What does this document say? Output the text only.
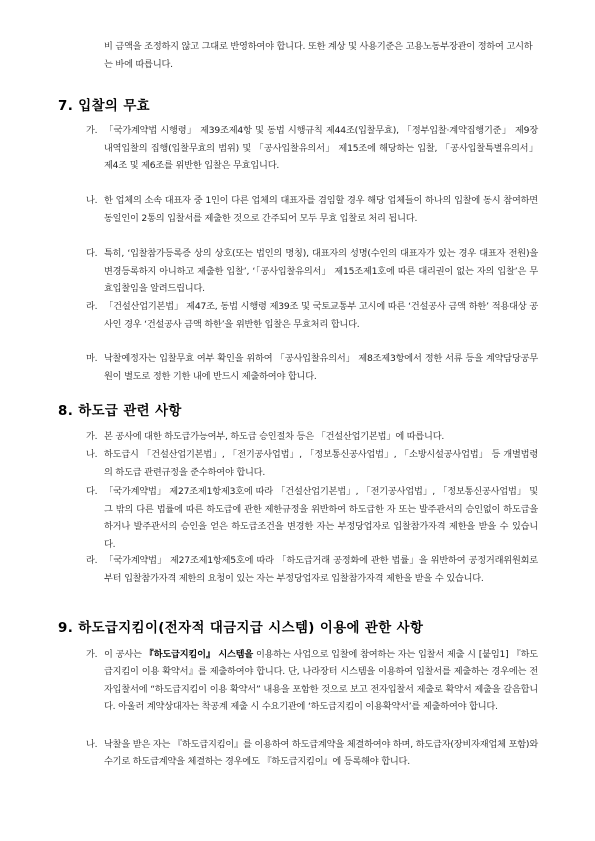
비 금액을 조정하지 않고 그대로 반영하여야 합니다. 또한 계상 및 사용기준은 고용노동부장관이 정하여 고시하는 바에 따릅니다.
7. 입찰의 무효
가. 「국가계약법 시행령」 제39조제4항 및 동법 시행규칙 제44조(입찰무효), 「정부입찰·계약집행기준」 제9장 내역입찰의 집행(입찰무효의 범위) 및 「공사입찰유의서」 제15조에 해당하는 입찰, 「공사입찰특별유의서」 제4조 및 제6조를 위반한 입찰은 무효입니다.
나. 한 업체의 소속 대표자 중 1인이 다른 업체의 대표자를 겸임할 경우 해당 업체들이 하나의 입찰에 동시 참여하면 동일인이 2통의 입찰서를 제출한 것으로 간주되어 모두 무효 입찰로 처리 됩니다.
다. 특히, ‘입찰참가등록증 상의 상호(또는 법인의 명칭), 대표자의 성명(수인의 대표자가 있는 경우 대표자 전원)을 변경등록하지 아니하고 제출한 입찰’, ‘「공사입찰유의서」 제15조제1호에 따른 대리권이 없는 자의 입찰’은 무효입찰임을 알려드립니다.
라. 「건설산업기본법」 제47조, 동법 시행령 제39조 및 국토교통부 고시에 따른 ‘건설공사 금액 하한’ 적용대상 공사인 경우 ‘건설공사 금액 하한’을 위반한 입찰은 무효처리 합니다.
마. 낙찰예정자는 입찰무효 여부 확인을 위하여 「공사입찰유의서」 제8조제3항에서 정한 서류 등을 계약담당공무원이 별도로 정한 기한 내에 반드시 제출하여야 합니다.
8. 하도급 관련 사항
가. 본 공사에 대한 하도급가능여부, 하도급 승인절차 등은 「건설산업기본법」에 따릅니다.
나. 하도급시 「건설산업기본법」, 「전기공사업법」, 「정보통신공사업법」, 「소방시설공사업법」 등 개별법령의 하도급 관련규정을 준수하여야 합니다.
다. 「국가계약법」 제27조제1항제3호에 따라 「건설산업기본법」, 「전기공사업법」, 「정보통신공사업법」 및 그 밖의 다른 법률에 따른 하도급에 관한 제한규정을 위반하여 하도급한 자 또는 발주관서의 승인없이 하도급을 하거나 발주관서의 승인을 얻은 하도급조건을 변경한 자는 부정당업자로 입찰참가자격 제한을 받을 수 있습니다.
라. 「국가계약법」 제27조제1항제5호에 따라 「하도급거래 공정화에 관한 법률」을 위반하여 공정거래위원회로부터 입찰참가자격 제한의 요청이 있는 자는 부정당업자로 입찰참가자격 제한을 받을 수 있습니다.
9. 하도급지킴이(전자적 대금지급 시스템) 이용에 관한 사항
가. 이 공사는 『하도급지킴이』 시스템을 이용하는 사업으로 입찰에 참여하는 자는 입찰서 제출 시 [붙임1] 『하도급지킴이 이용 확약서』를 제출하여야 합니다. 단, 나라장터 시스템을 이용하여 입찰서를 제출하는 경우에는 전자입찰서에 “하도급지킴이 이용 확약서” 내용을 포함한 것으로 보고 전자입찰서 제출로 확약서 제출을 갈음합니다. 아울러 계약상대자는 착공계 제출 시 수요기관에 ‘하도급지킴이 이용확약서’를 제출하여야 합니다.
나. 낙찰을 받은 자는 『하도급지킴이』를 이용하여 하도급계약을 체결하여야 하며, 하도급자(장비자재업체 포함)와 수기로 하도급계약을 체결하는 경우에도 『하도급지킴이』에 등록해야 합니다.
